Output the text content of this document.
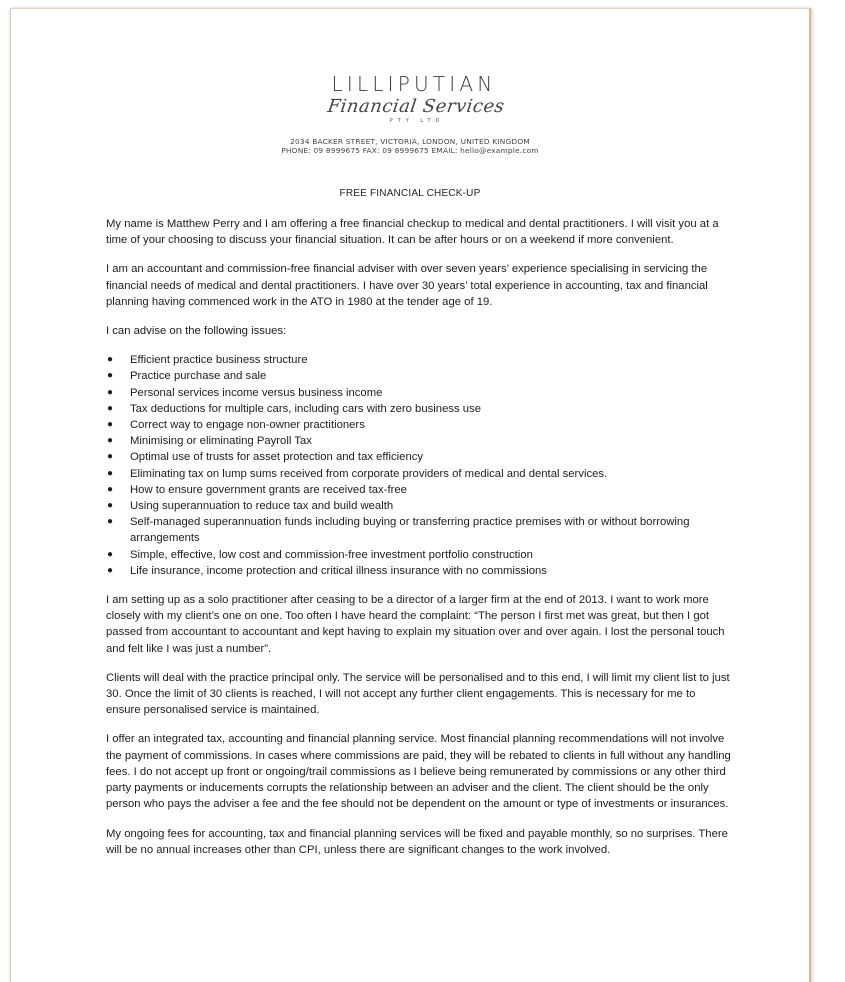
LILLIPUTIAN
Financial Services
PTY LTD
2034 BACKER STREET, VICTORIA, LONDON, UNITED KINGDOM
PHONE: 09 8999675 FAX: 09 8999675 EMAIL: hello@example.com
FREE FINANCIAL CHECK-UP

My name is Matthew Perry and I am offering a free financial checkup to medical and dental practitioners. I will visit you at a time of your choosing to discuss your financial situation. It can be after hours or on a weekend if more convenient.

I am an accountant and commission-free financial adviser with over seven years’ experience specialising in servicing the financial needs of medical and dental practitioners. I have over 30 years’ total experience in accounting, tax and financial planning having commenced work in the ATO in 1980 at the tender age of 19.

I can advise on the following issues:

● Efficient practice business structure
● Practice purchase and sale
● Personal services income versus business income
● Tax deductions for multiple cars, including cars with zero business use
● Correct way to engage non-owner practitioners
● Minimising or eliminating Payroll Tax
● Optimal use of trusts for asset protection and tax efficiency
● Eliminating tax on lump sums received from corporate providers of medical and dental services.
● How to ensure government grants are received tax-free
● Using superannuation to reduce tax and build wealth
● Self-managed superannuation funds including buying or transferring practice premises with or without borrowing arrangements
● Simple, effective, low cost and commission-free investment portfolio construction
● Life insurance, income protection and critical illness insurance with no commissions

I am setting up as a solo practitioner after ceasing to be a director of a larger firm at the end of 2013. I want to work more closely with my client’s one on one. Too often I have heard the complaint: “The person I first met was great, but then I got passed from accountant to accountant and kept having to explain my situation over and over again. I lost the personal touch and felt like I was just a number”.

Clients will deal with the practice principal only. The service will be personalised and to this end, I will limit my client list to just 30. Once the limit of 30 clients is reached, I will not accept any further client engagements. This is necessary for me to ensure personalised service is maintained.

I offer an integrated tax, accounting and financial planning service. Most financial planning recommendations will not involve the payment of commissions. In cases where commissions are paid, they will be rebated to clients in full without any handling fees. I do not accept up front or ongoing/trail commissions as I believe being remunerated by commissions or any other third party payments or inducements corrupts the relationship between an adviser and the client. The client should be the only person who pays the adviser a fee and the fee should not be dependent on the amount or type of investments or insurances.

My ongoing fees for accounting, tax and financial planning services will be fixed and payable monthly, so no surprises. There will be no annual increases other than CPI, unless there are significant changes to the work involved.
